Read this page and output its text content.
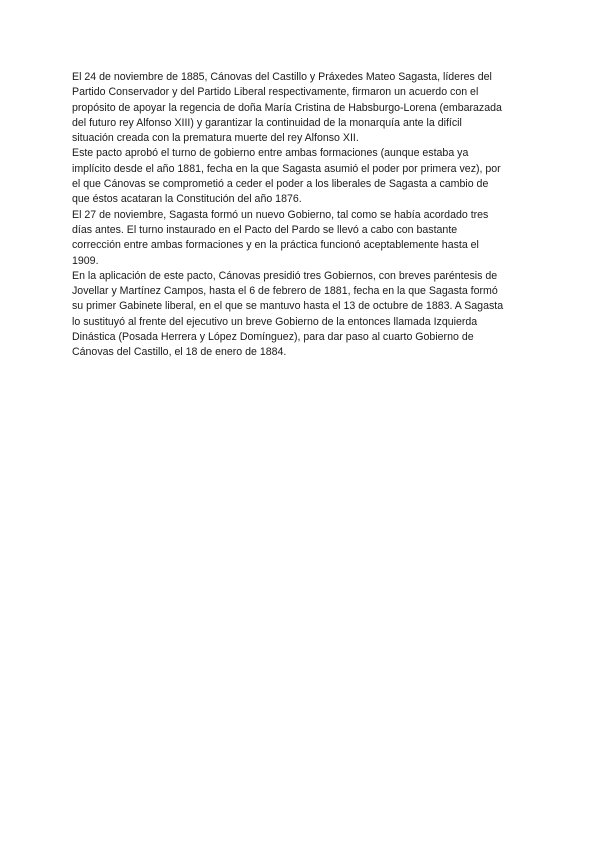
El 24 de noviembre de 1885, Cánovas del Castillo y Práxedes Mateo Sagasta, líderes del
Partido Conservador y del Partido Liberal respectivamente, firmaron un acuerdo con el
propósito de apoyar la regencia de doña María Cristina de Habsburgo-Lorena (embarazada
del futuro rey Alfonso XIII) y garantizar la continuidad de la monarquía ante la difícil
situación creada con la prematura muerte del rey Alfonso XII.

Este pacto aprobó el turno de gobierno entre ambas formaciones (aunque estaba ya
implícito desde el año 1881, fecha en la que Sagasta asumió el poder por primera vez), por
el que Cánovas se comprometió a ceder el poder a los liberales de Sagasta a cambio de
que éstos acataran la Constitución del año 1876.

El 27 de noviembre, Sagasta formó un nuevo Gobierno, tal como se había acordado tres
días antes. El turno instaurado en el Pacto del Pardo se llevó a cabo con bastante
corrección entre ambas formaciones y en la práctica funcionó aceptablemente hasta el
1909.

En la aplicación de este pacto, Cánovas presidió tres Gobiernos, con breves paréntesis de
Jovellar y Martínez Campos, hasta el 6 de febrero de 1881, fecha en la que Sagasta formó
su primer Gabinete liberal, en el que se mantuvo hasta el 13 de octubre de 1883. A Sagasta
lo sustituyó al frente del ejecutivo un breve Gobierno de la entonces llamada Izquierda
Dinástica (Posada Herrera y López Domínguez), para dar paso al cuarto Gobierno de
Cánovas del Castillo, el 18 de enero de 1884.
